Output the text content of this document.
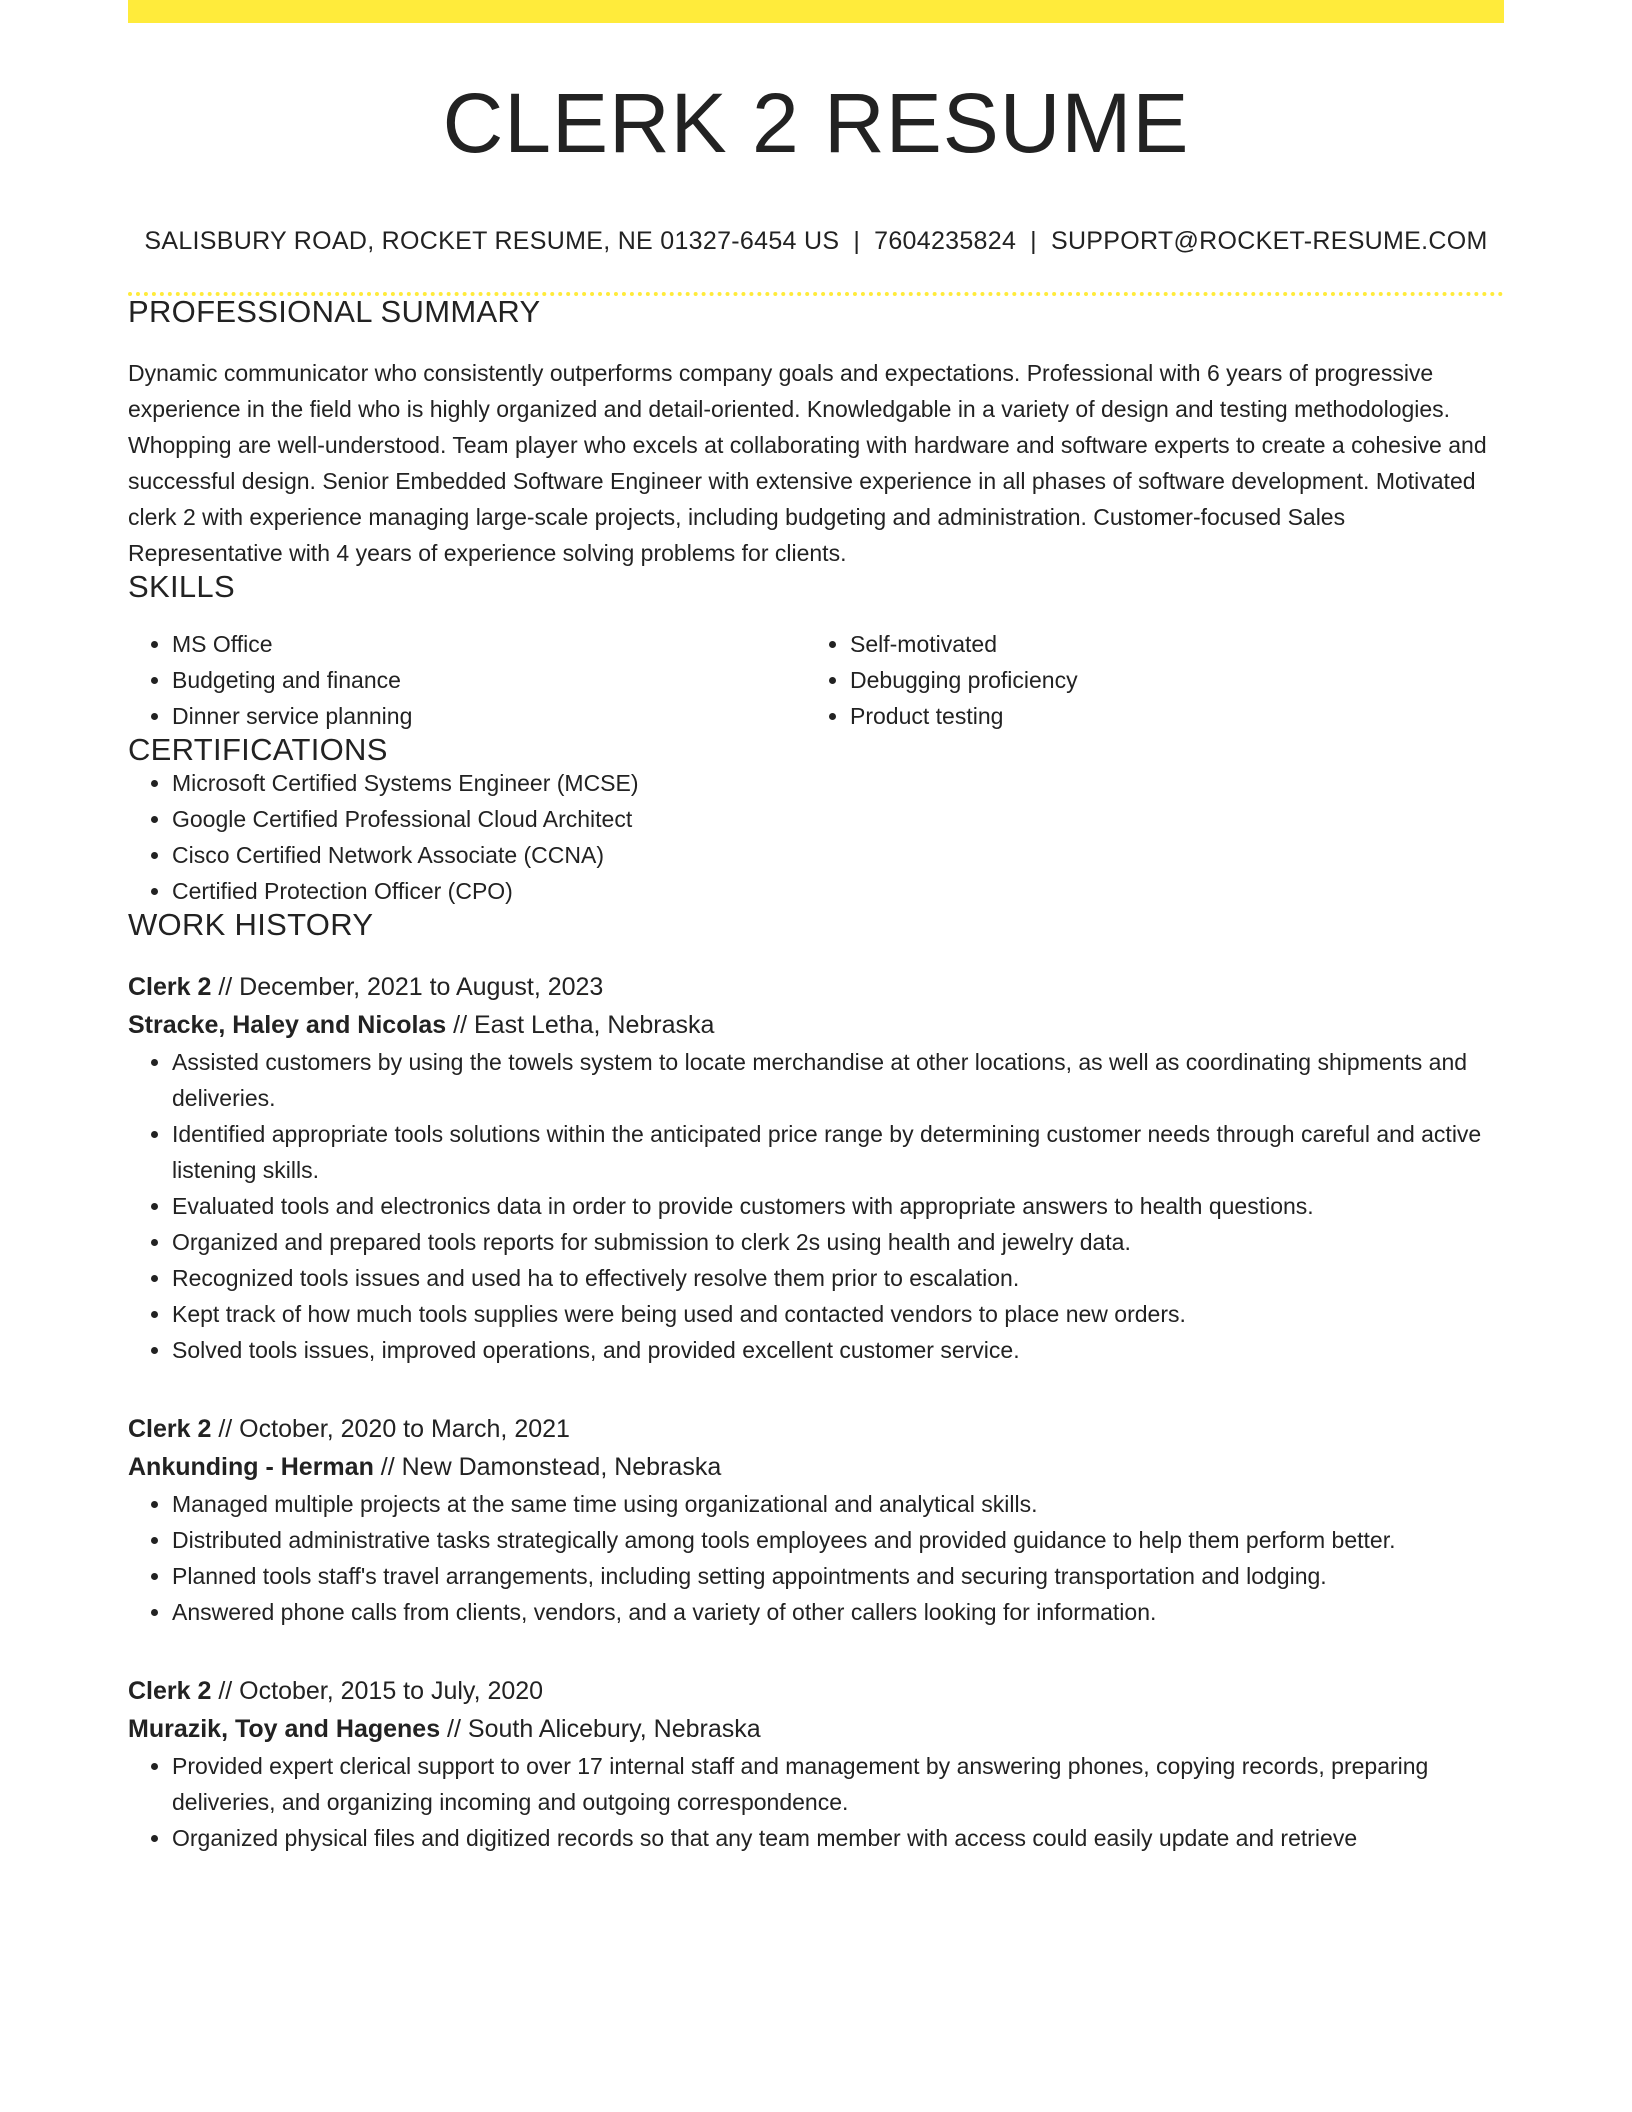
CLERK 2 RESUME
SALISBURY ROAD, ROCKET RESUME, NE 01327-6454 US | 7604235824 | SUPPORT@ROCKET-RESUME.COM
PROFESSIONAL SUMMARY

Dynamic communicator who consistently outperforms company goals and expectations. Professional with 6 years of progressive experience in the field who is highly organized and detail-oriented. Knowledgable in a variety of design and testing methodologies. Whopping are well-understood. Team player who excels at collaborating with hardware and software experts to create a cohesive and successful design. Senior Embedded Software Engineer with extensive experience in all phases of software development. Motivated clerk 2 with experience managing large-scale projects, including budgeting and administration. Customer-focused Sales Representative with 4 years of experience solving problems for clients.

SKILLS
• MS Office
• Budgeting and finance
• Dinner service planning
• Self-motivated
• Debugging proficiency
• Product testing
CERTIFICATIONS
• Microsoft Certified Systems Engineer (MCSE)
• Google Certified Professional Cloud Architect
• Cisco Certified Network Associate (CCNA)
• Certified Protection Officer (CPO)
WORK HISTORY
Clerk 2 // December, 2021 to August, 2023
Stracke, Haley and Nicolas // East Letha, Nebraska
• Assisted customers by using the towels system to locate merchandise at other locations, as well as coordinating shipments and deliveries.
• Identified appropriate tools solutions within the anticipated price range by determining customer needs through careful and active listening skills.
• Evaluated tools and electronics data in order to provide customers with appropriate answers to health questions.
• Organized and prepared tools reports for submission to clerk 2s using health and jewelry data.
• Recognized tools issues and used ha to effectively resolve them prior to escalation.
• Kept track of how much tools supplies were being used and contacted vendors to place new orders.
• Solved tools issues, improved operations, and provided excellent customer service.
Clerk 2 // October, 2020 to March, 2021
Ankunding - Herman // New Damonstead, Nebraska
• Managed multiple projects at the same time using organizational and analytical skills.
• Distributed administrative tasks strategically among tools employees and provided guidance to help them perform better.
• Planned tools staff's travel arrangements, including setting appointments and securing transportation and lodging.
• Answered phone calls from clients, vendors, and a variety of other callers looking for information.
Clerk 2 // October, 2015 to July, 2020
Murazik, Toy and Hagenes // South Alicebury, Nebraska
• Provided expert clerical support to over 17 internal staff and management by answering phones, copying records, preparing deliveries, and organizing incoming and outgoing correspondence.
• Organized physical files and digitized records so that any team member with access could easily update and retrieve
